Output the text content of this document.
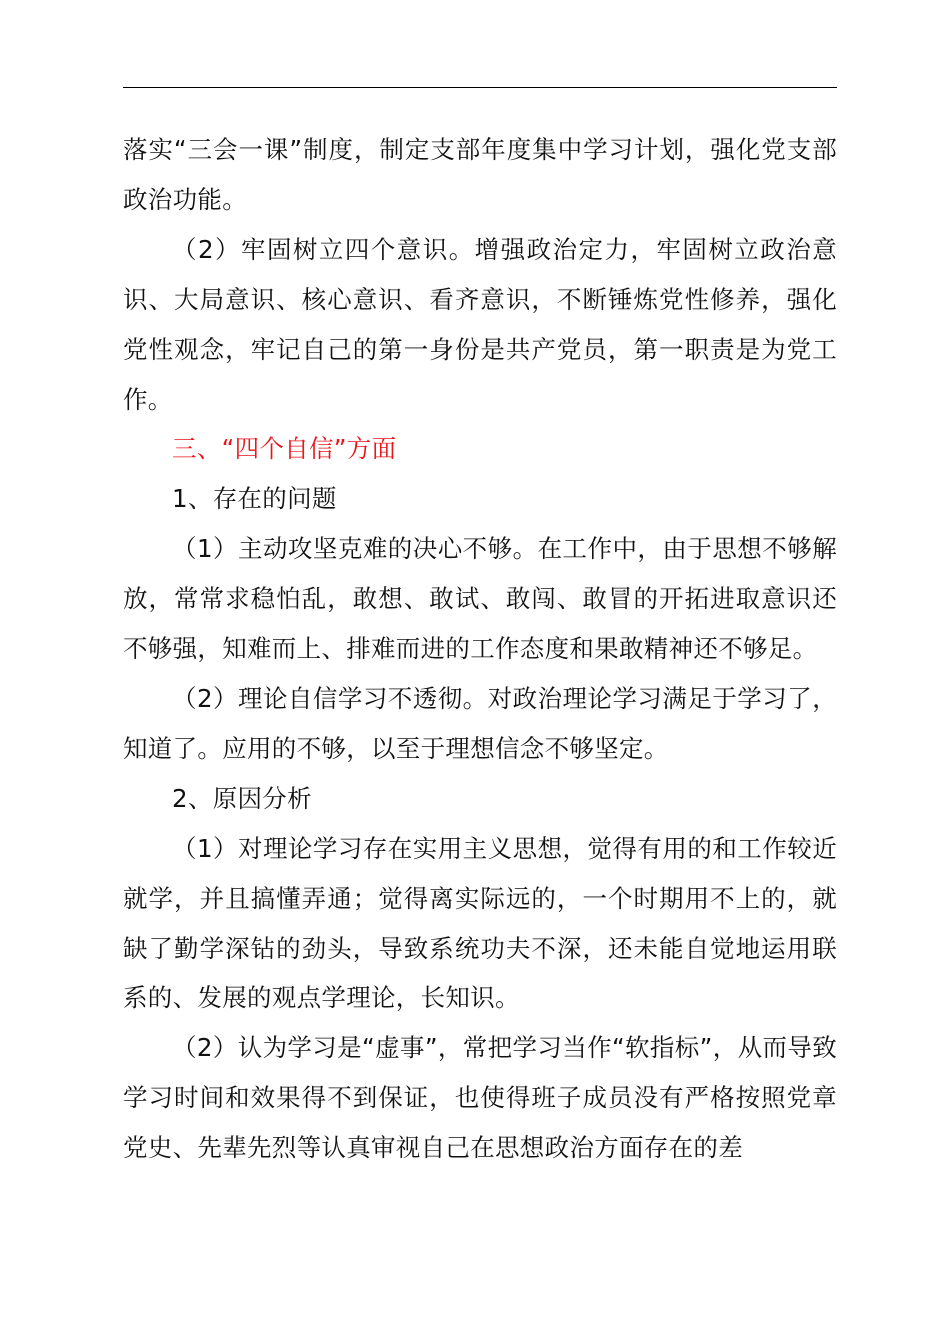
落实“三会一课”制度，制定支部年度集中学习计划，强化党支部政治功能。

（2）牢固树立四个意识。增强政治定力，牢固树立政治意识、大局意识、核心意识、看齐意识，不断锤炼党性修养，强化党性观念，牢记自己的第一身份是共产党员，第一职责是为党工作。

三、“四个自信”方面

1、存在的问题

（1）主动攻坚克难的决心不够。在工作中，由于思想不够解放，常常求稳怕乱，敢想、敢试、敢闯、敢冒的开拓进取意识还不够强，知难而上、排难而进的工作态度和果敢精神还不够足。

（2）理论自信学习不透彻。对政治理论学习满足于学习了，知道了。应用的不够，以至于理想信念不够坚定。

2、原因分析

（1）对理论学习存在实用主义思想，觉得有用的和工作较近就学，并且搞懂弄通；觉得离实际远的，一个时期用不上的，就缺了勤学深钻的劲头，导致系统功夫不深，还未能自觉地运用联系的、发展的观点学理论，长知识。

（2）认为学习是“虚事”，常把学习当作“软指标”，从而导致学习时间和效果得不到保证，也使得班子成员没有严格按照党章党史、先辈先烈等认真审视自己在思想政治方面存在的差
